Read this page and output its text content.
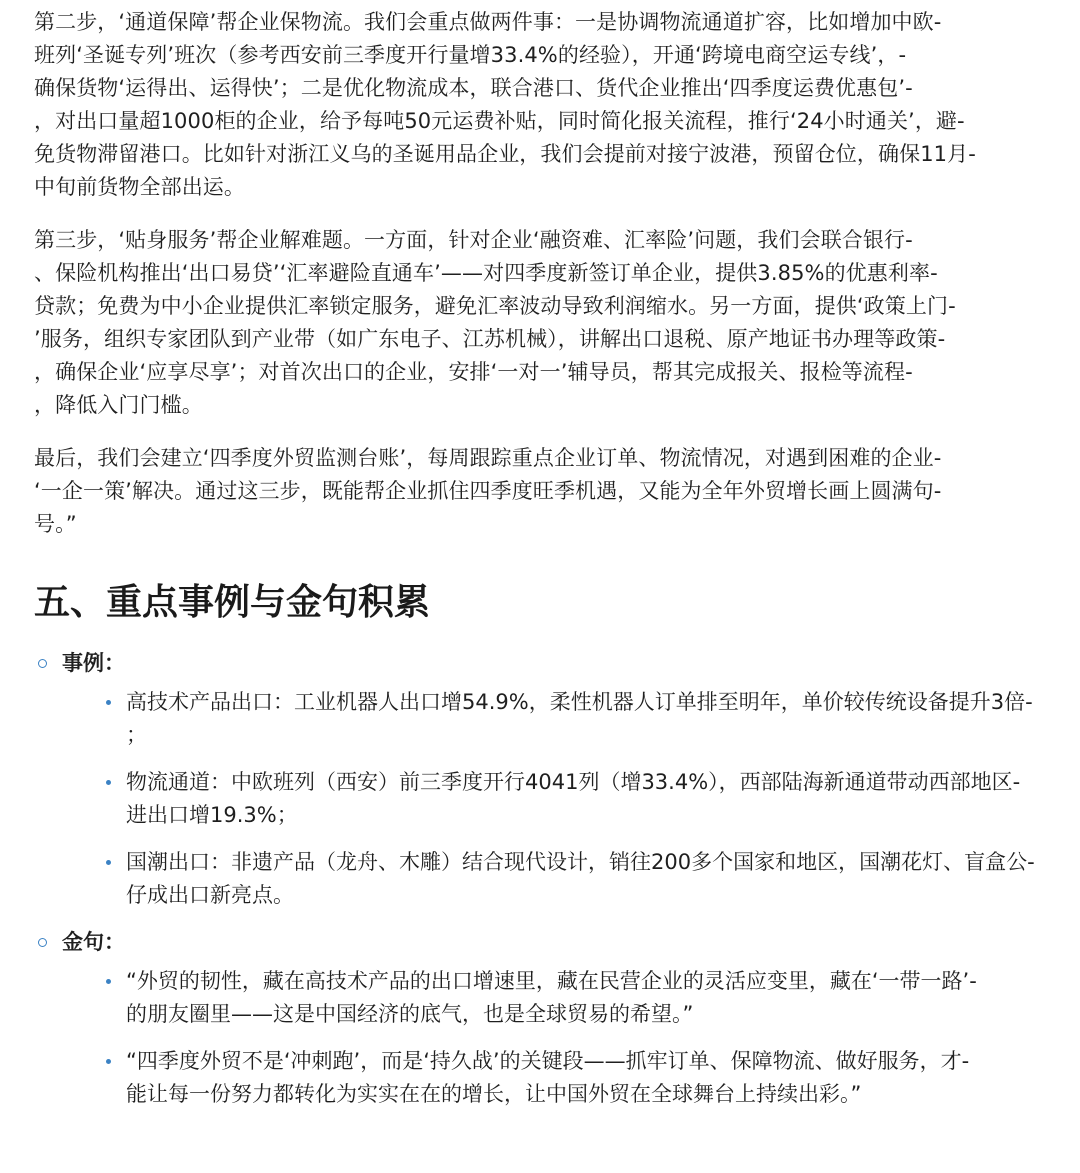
第二步，‘通道保障’帮企业保物流。我们会重点做两件事：一是协调物流通道扩容，比如增加中欧-
班列‘圣诞专列’班次（参考西安前三季度开行量增33.4%的经验），开通‘跨境电商空运专线’，-
确保货物‘运得出、运得快’；二是优化物流成本，联合港口、货代企业推出‘四季度运费优惠包’-
，对出口量超1000柜的企业，给予每吨50元运费补贴，同时简化报关流程，推行‘24小时通关’，避-
免货物滞留港口。比如针对浙江义乌的圣诞用品企业，我们会提前对接宁波港，预留仓位，确保11月-
中旬前货物全部出运。

第三步，‘贴身服务’帮企业解难题。一方面，针对企业‘融资难、汇率险’问题，我们会联合银行-
、保险机构推出‘出口易贷’‘汇率避险直通车’——对四季度新签订单企业，提供3.85%的优惠利率-
贷款；免费为中小企业提供汇率锁定服务，避免汇率波动导致利润缩水。另一方面，提供‘政策上门-
’服务，组织专家团队到产业带（如广东电子、江苏机械），讲解出口退税、原产地证书办理等政策-
，确保企业‘应享尽享’；对首次出口的企业，安排‘一对一’辅导员，帮其完成报关、报检等流程-
，降低入门门槛。

最后，我们会建立‘四季度外贸监测台账’，每周跟踪重点企业订单、物流情况，对遇到困难的企业-
‘一企一策’解决。通过这三步，既能帮企业抓住四季度旺季机遇，又能为全年外贸增长画上圆满句-
号。”

五、重点事例与金句积累
事例：
高技术产品出口：工业机器人出口增54.9%，柔性机器人订单排至明年，单价较传统设备提升3倍-
；
物流通道：中欧班列（西安）前三季度开行4041列（增33.4%），西部陆海新通道带动西部地区-
进出口增19.3%；
国潮出口：非遗产品（龙舟、木雕）结合现代设计，销往200多个国家和地区，国潮花灯、盲盒公-
仔成出口新亮点。
金句：
“外贸的韧性，藏在高技术产品的出口增速里，藏在民营企业的灵活应变里，藏在‘一带一路’-
的朋友圈里——这是中国经济的底气，也是全球贸易的希望。”
“四季度外贸不是‘冲刺跑’，而是‘持久战’的关键段——抓牢订单、保障物流、做好服务，才-
能让每一份努力都转化为实实在在的增长，让中国外贸在全球舞台上持续出彩。”
